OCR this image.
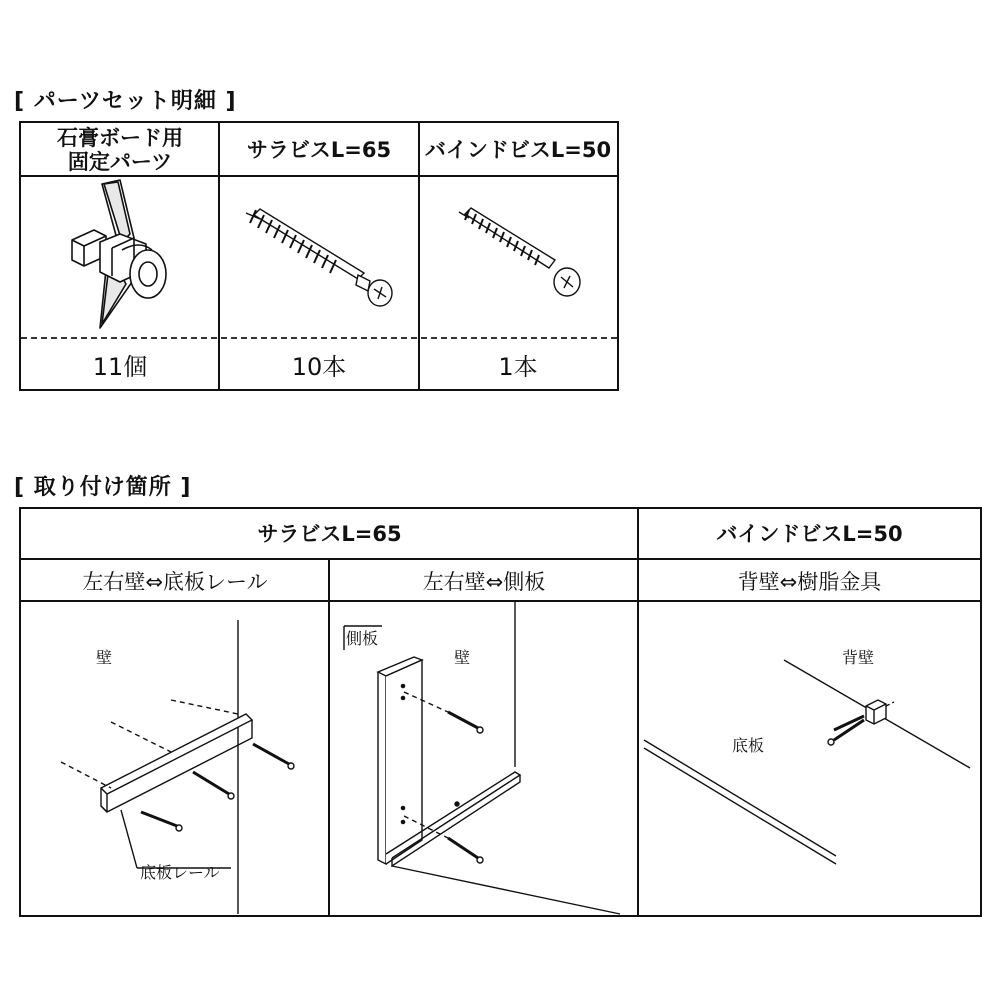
[ パーツセット明細 ]
石膏ボード用
固定パーツ	サラビスL=65	バインドビスL=50
11個	10本	1本
[ 取り付け箇所 ]
サラビスL=65	バインドビスL=50
左右壁⇔底板レール	左右壁⇔側板	背壁⇔樹脂金具
壁
底板レール
側板
壁	背壁
底板
